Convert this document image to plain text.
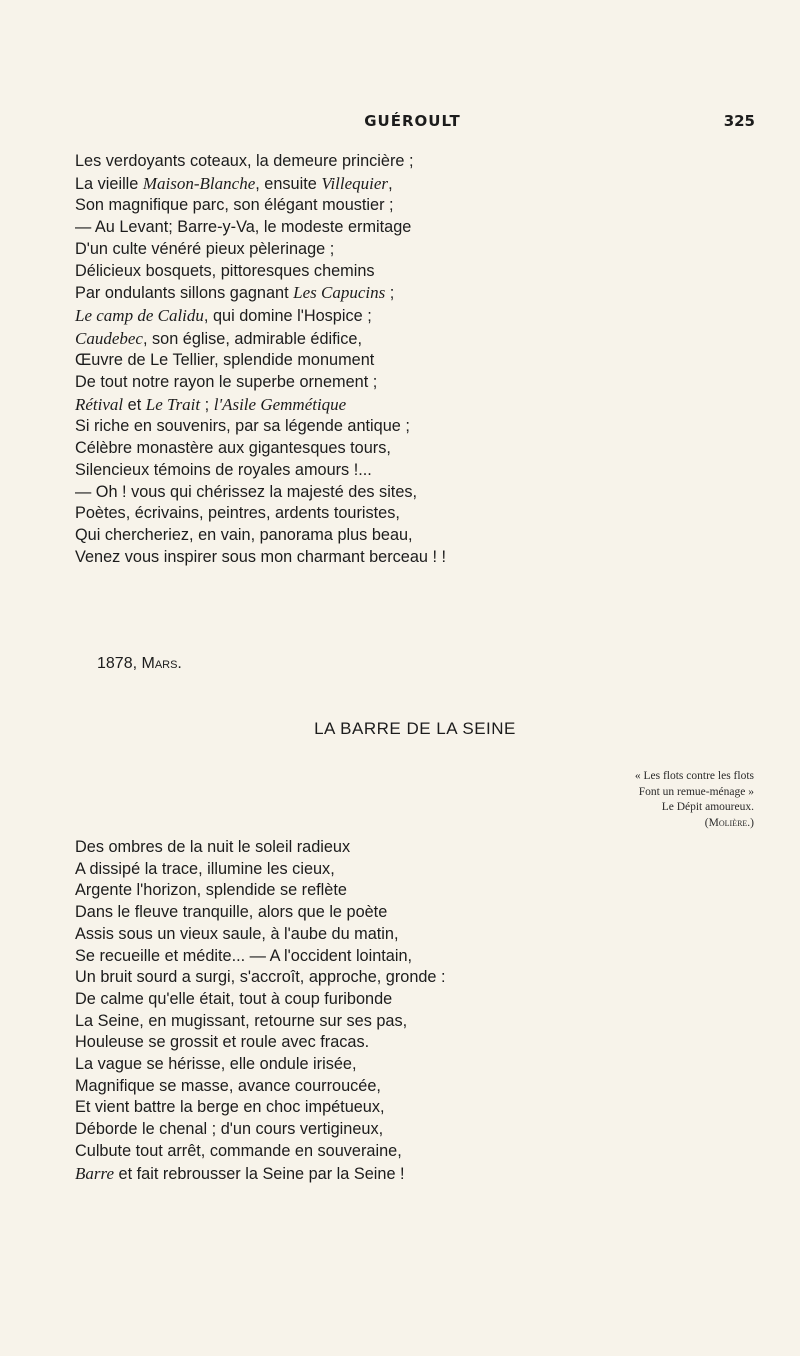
GUÉROULT	325
Les verdoyants coteaux, la demeure princière ;
La vieille Maison-Blanche, ensuite Villequier,
Son magnifique parc, son élégant moustier ;
— Au Levant; Barre-y-Va, le modeste ermitage
D'un culte vénéré pieux pèlerinage ;
Délicieux bosquets, pittoresques chemins
Par ondulants sillons gagnant Les Capucins ;
Le camp de Calidu, qui domine l'Hospice ;
Caudebec, son église, admirable édifice,
Œuvre de Le Tellier, splendide monument
De tout notre rayon le superbe ornement ;
Rétival et Le Trait ; l'Asile Gemmétique
Si riche en souvenirs, par sa légende antique ;
Célèbre monastère aux gigantesques tours,
Silencieux témoins de royales amours !...
— Oh ! vous qui chérissez la majesté des sites,
Poètes, écrivains, peintres, ardents touristes,
Qui chercheriez, en vain, panorama plus beau,
Venez vous inspirer sous mon charmant berceau ! !
1878, Mars.
LA BARRE DE LA SEINE
« Les flots contre les flots
Font un remue-ménage »
Le Dépit amoureux.
(Molière.)
Des ombres de la nuit le soleil radieux
A dissipé la trace, illumine les cieux,
Argente l'horizon, splendide se reflète
Dans le fleuve tranquille, alors que le poète
Assis sous un vieux saule, à l'aube du matin,
Se recueille et médite... — A l'occident lointain,
Un bruit sourd a surgi, s'accroît, approche, gronde :
De calme qu'elle était, tout à coup furibonde
La Seine, en mugissant, retourne sur ses pas,
Houleuse se grossit et roule avec fracas.
La vague se hérisse, elle ondule irisée,
Magnifique se masse, avance courroucée,
Et vient battre la berge en choc impétueux,
Déborde le chenal ; d'un cours vertigineux,
Culbute tout arrêt, commande en souveraine,
Barre et fait rebrousser la Seine par la Seine !
